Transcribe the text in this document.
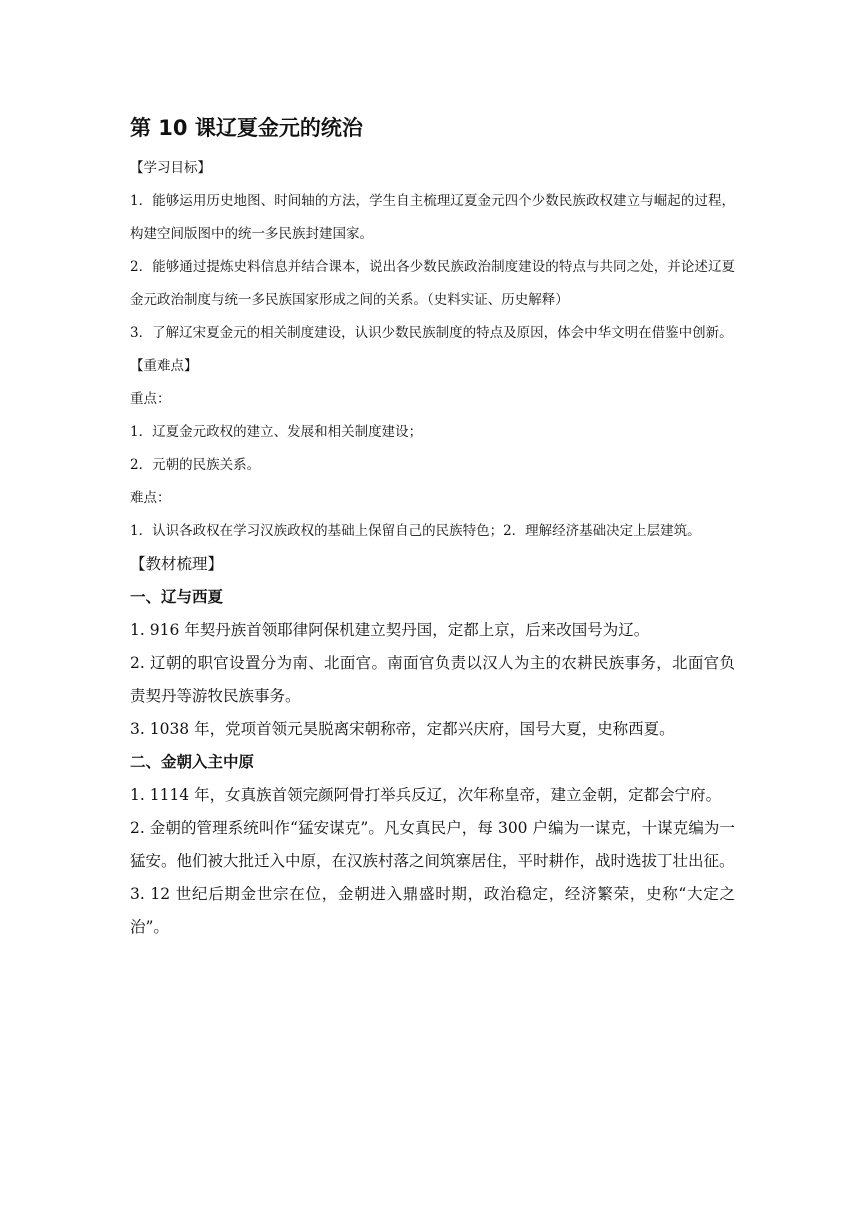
第 10 课辽夏金元的统治

【学习目标】

1．能够运用历史地图、时间轴的方法，学生自主梳理辽夏金元四个少数民族政权建立与崛起的过程，构建空间版图中的统一多民族封建国家。

2．能够通过提炼史料信息并结合课本，说出各少数民族政治制度建设的特点与共同之处，并论述辽夏金元政治制度与统一多民族国家形成之间的关系。（史料实证、历史解释）

3．了解辽宋夏金元的相关制度建设，认识少数民族制度的特点及原因，体会中华文明在借鉴中创新。

【重难点】

重点：

1．辽夏金元政权的建立、发展和相关制度建设；

2．元朝的民族关系。

难点：

1．认识各政权在学习汉族政权的基础上保留自己的民族特色；2．理解经济基础决定上层建筑。

【教材梳理】

一、辽与西夏

1. 916 年契丹族首领耶律阿保机建立契丹国，定都上京，后来改国号为辽。

2. 辽朝的职官设置分为南、北面官。南面官负责以汉人为主的农耕民族事务，北面官负责契丹等游牧民族事务。

3. 1038 年，党项首领元昊脱离宋朝称帝，定都兴庆府，国号大夏，史称西夏。

二、金朝入主中原

1. 1114 年，女真族首领完颜阿骨打举兵反辽，次年称皇帝，建立金朝，定都会宁府。

2. 金朝的管理系统叫作“猛安谋克”。凡女真民户，每 300 户编为一谋克，十谋克编为一猛安。他们被大批迁入中原，在汉族村落之间筑寨居住，平时耕作，战时选拔丁壮出征。

3. 12 世纪后期金世宗在位，金朝进入鼎盛时期，政治稳定，经济繁荣，史称“大定之治”。
